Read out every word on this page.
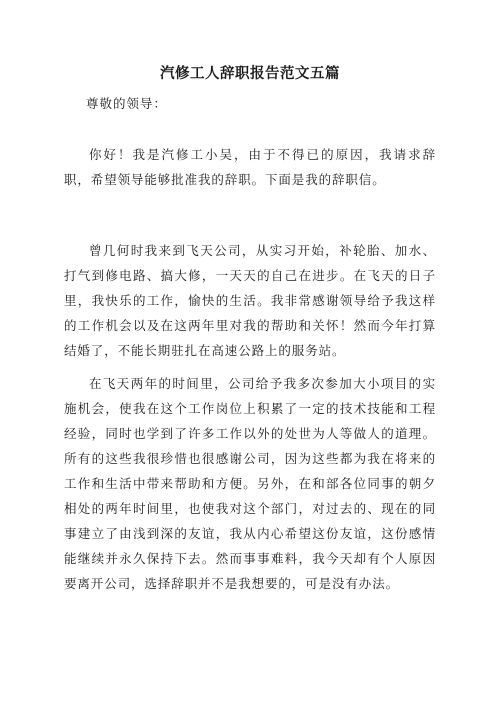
汽修工人辞职报告范文五篇
尊敬的领导：

你好！我是汽修工小吴，由于不得已的原因，我请求辞职，希望领导能够批准我的辞职。下面是我的辞职信。

曾几何时我来到飞天公司，从实习开始，补轮胎、加水、打气到修电路、搞大修，一天天的自己在进步。在飞天的日子里，我快乐的工作，愉快的生活。我非常感谢领导给予我这样的工作机会以及在这两年里对我的帮助和关怀！然而今年打算结婚了，不能长期驻扎在高速公路上的服务站。

在飞天两年的时间里，公司给予我多次参加大小项目的实施机会，使我在这个工作岗位上积累了一定的技术技能和工程经验，同时也学到了许多工作以外的处世为人等做人的道理。所有的这些我很珍惜也很感谢公司，因为这些都为我在将来的工作和生活中带来帮助和方便。另外，在和部各位同事的朝夕相处的两年时间里，也使我对这个部门，对过去的、现在的同事建立了由浅到深的友谊，我从内心希望这份友谊，这份感情能继续并永久保持下去。然而事事难料，我今天却有个人原因要离开公司，选择辞职并不是我想要的，可是没有办法。
